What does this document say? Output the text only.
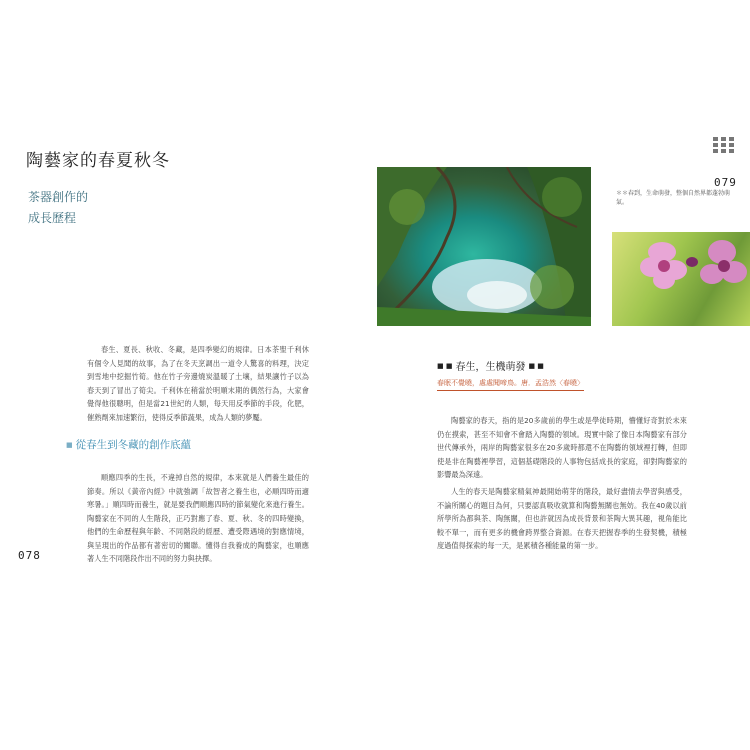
陶藝家的春夏秋冬
茶器創作的
成長歷程

春生、夏長、秋收、冬藏，是四季變幻的規律。日本茶聖千利休有個令人見聞的故事，為了在冬天烹調出一道令人驚喜的料理，決定到雪地中挖掘竹筍。他在竹子旁邊燒炭溫暖了土壤，結果讓竹子以為春天到了冒出了筍尖。千利休在稍當於明順末期的偶然行為，大家會覺得他很聰明，但是當21世紀的人類，每天用反季節的手段，化肥，催熟劑來加速繁衍，使得反季節蔬果，成為人類的夢魘。

■ 從春生到冬藏的創作底蘊

順應四季的生長，不違掉自然的規律，本來就是人們養生最佳的節奏。所以《黃帝內經》中就強調「故智者之養生也，必順四時而適寒暑。」順四時而養生，就是要我們順應四時的節氣變化來進行養生。陶藝家在不同的人生階段，正巧對應了春、夏、秋、冬的四時變換，他們的生命歷程與年齡、不同階段的經歷、遭受際遇境的對應情境，與呈現出的作品都有著密切的關聯。懂得自我養成的陶藝家，也順應著人生不同階段作出不同的努力與抉擇。

078
079
＊＊春到，生命萌發，整個自然界都蓬勃萌氣。
■ ■ 春生，生機萌發 ■ ■
春眠不覺曉，處處聞啼鳥。唐．孟浩然〈春曉〉

陶藝家的春天，指的是20多歲前的學生或是學徒時期，懵懂好奇對於未來仍在摸索，甚至不知會不會踏入陶藝的領域。現實中除了像日本陶藝家有部分世代傳承外，兩岸的陶藝家很多在20多歲時都還不在陶藝的領域裡打轉，但即使是非在陶藝裡學習，這個基礎階段的人事物包括成長的家庭，卻對陶藝家的影響最為深遠。

人生的春天是陶藝家精氣神最開始萌芽的階段，最好盡情去學習與感受，不論所關心的題目為何，只要認真吸收就算和陶藝無關也無妨。我在40歲以前所學所為都與茶、陶無關，但也許就因為成長背景和茶陶大異其趣，視角能比較不單一，而有更多的機會跨界整合資源。在春天把握春季的生發契機，積極度過值得探索的每一天，是累積各種能量的第一步。
